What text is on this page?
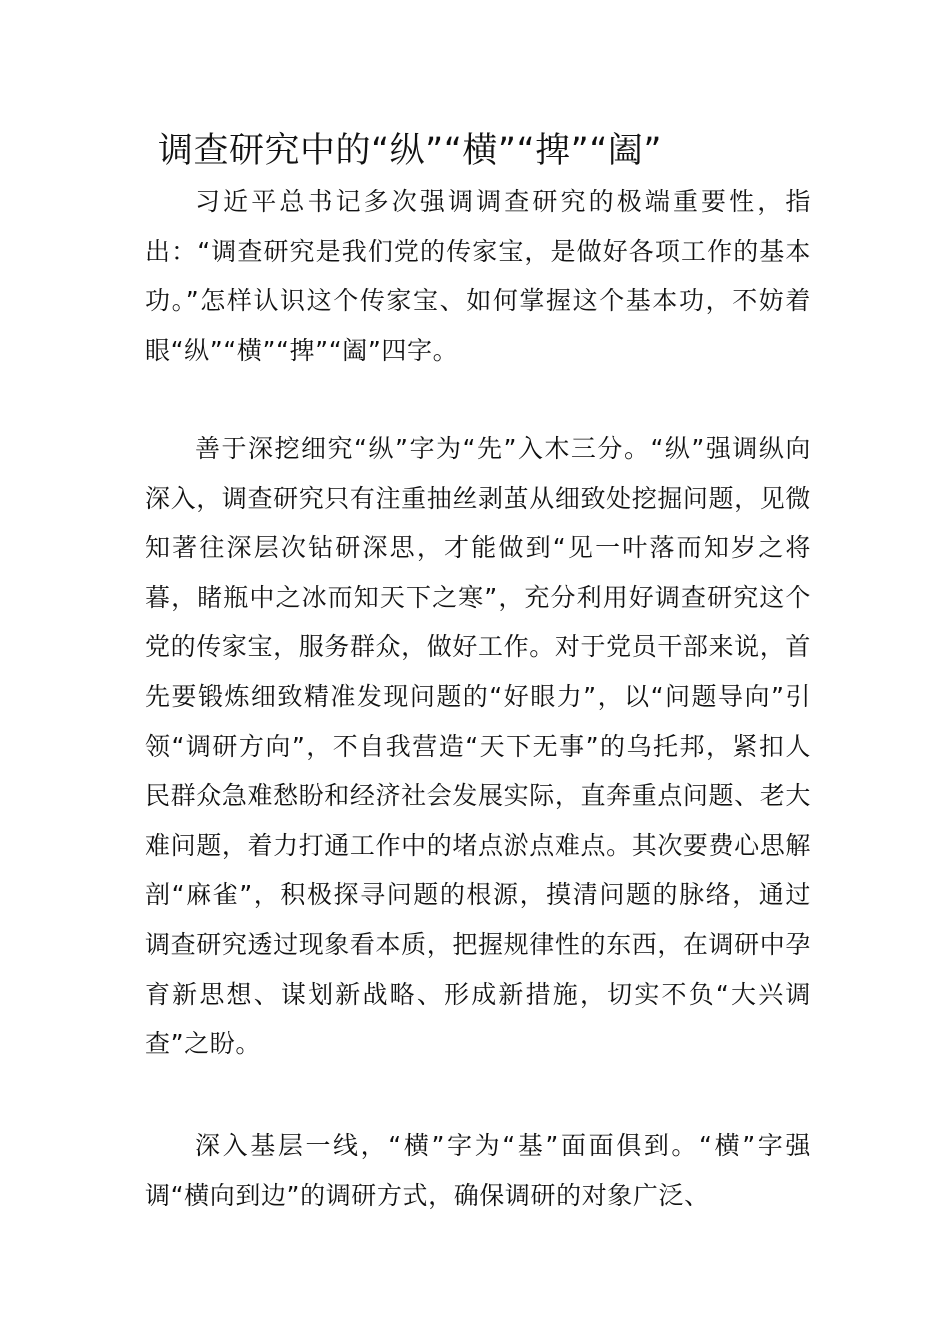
调查研究中的“纵”“横”“捭”“阖”

习近平总书记多次强调调查研究的极端重要性，指出：“调查研究是我们党的传家宝，是做好各项工作的基本功。”怎样认识这个传家宝、如何掌握这个基本功，不妨着眼“纵”“横”“捭”“阖”四字。

善于深挖细究“纵”字为“先”入木三分。“纵”强调纵向深入，调查研究只有注重抽丝剥茧从细致处挖掘问题，见微知著往深层次钻研深思，才能做到“见一叶落而知岁之将暮，睹瓶中之冰而知天下之寒”，充分利用好调查研究这个党的传家宝，服务群众，做好工作。对于党员干部来说，首先要锻炼细致精准发现问题的“好眼力”，以“问题导向”引领“调研方向”，不自我营造“天下无事”的乌托邦，紧扣人民群众急难愁盼和经济社会发展实际，直奔重点问题、老大难问题，着力打通工作中的堵点淤点难点。其次要费心思解剖“麻雀”，积极探寻问题的根源，摸清问题的脉络，通过调查研究透过现象看本质，把握规律性的东西，在调研中孕育新思想、谋划新战略、形成新措施，切实不负“大兴调查”之盼。

深入基层一线，“横”字为“基”面面俱到。“横”字强调“横向到边”的调研方式，确保调研的对象广泛、
